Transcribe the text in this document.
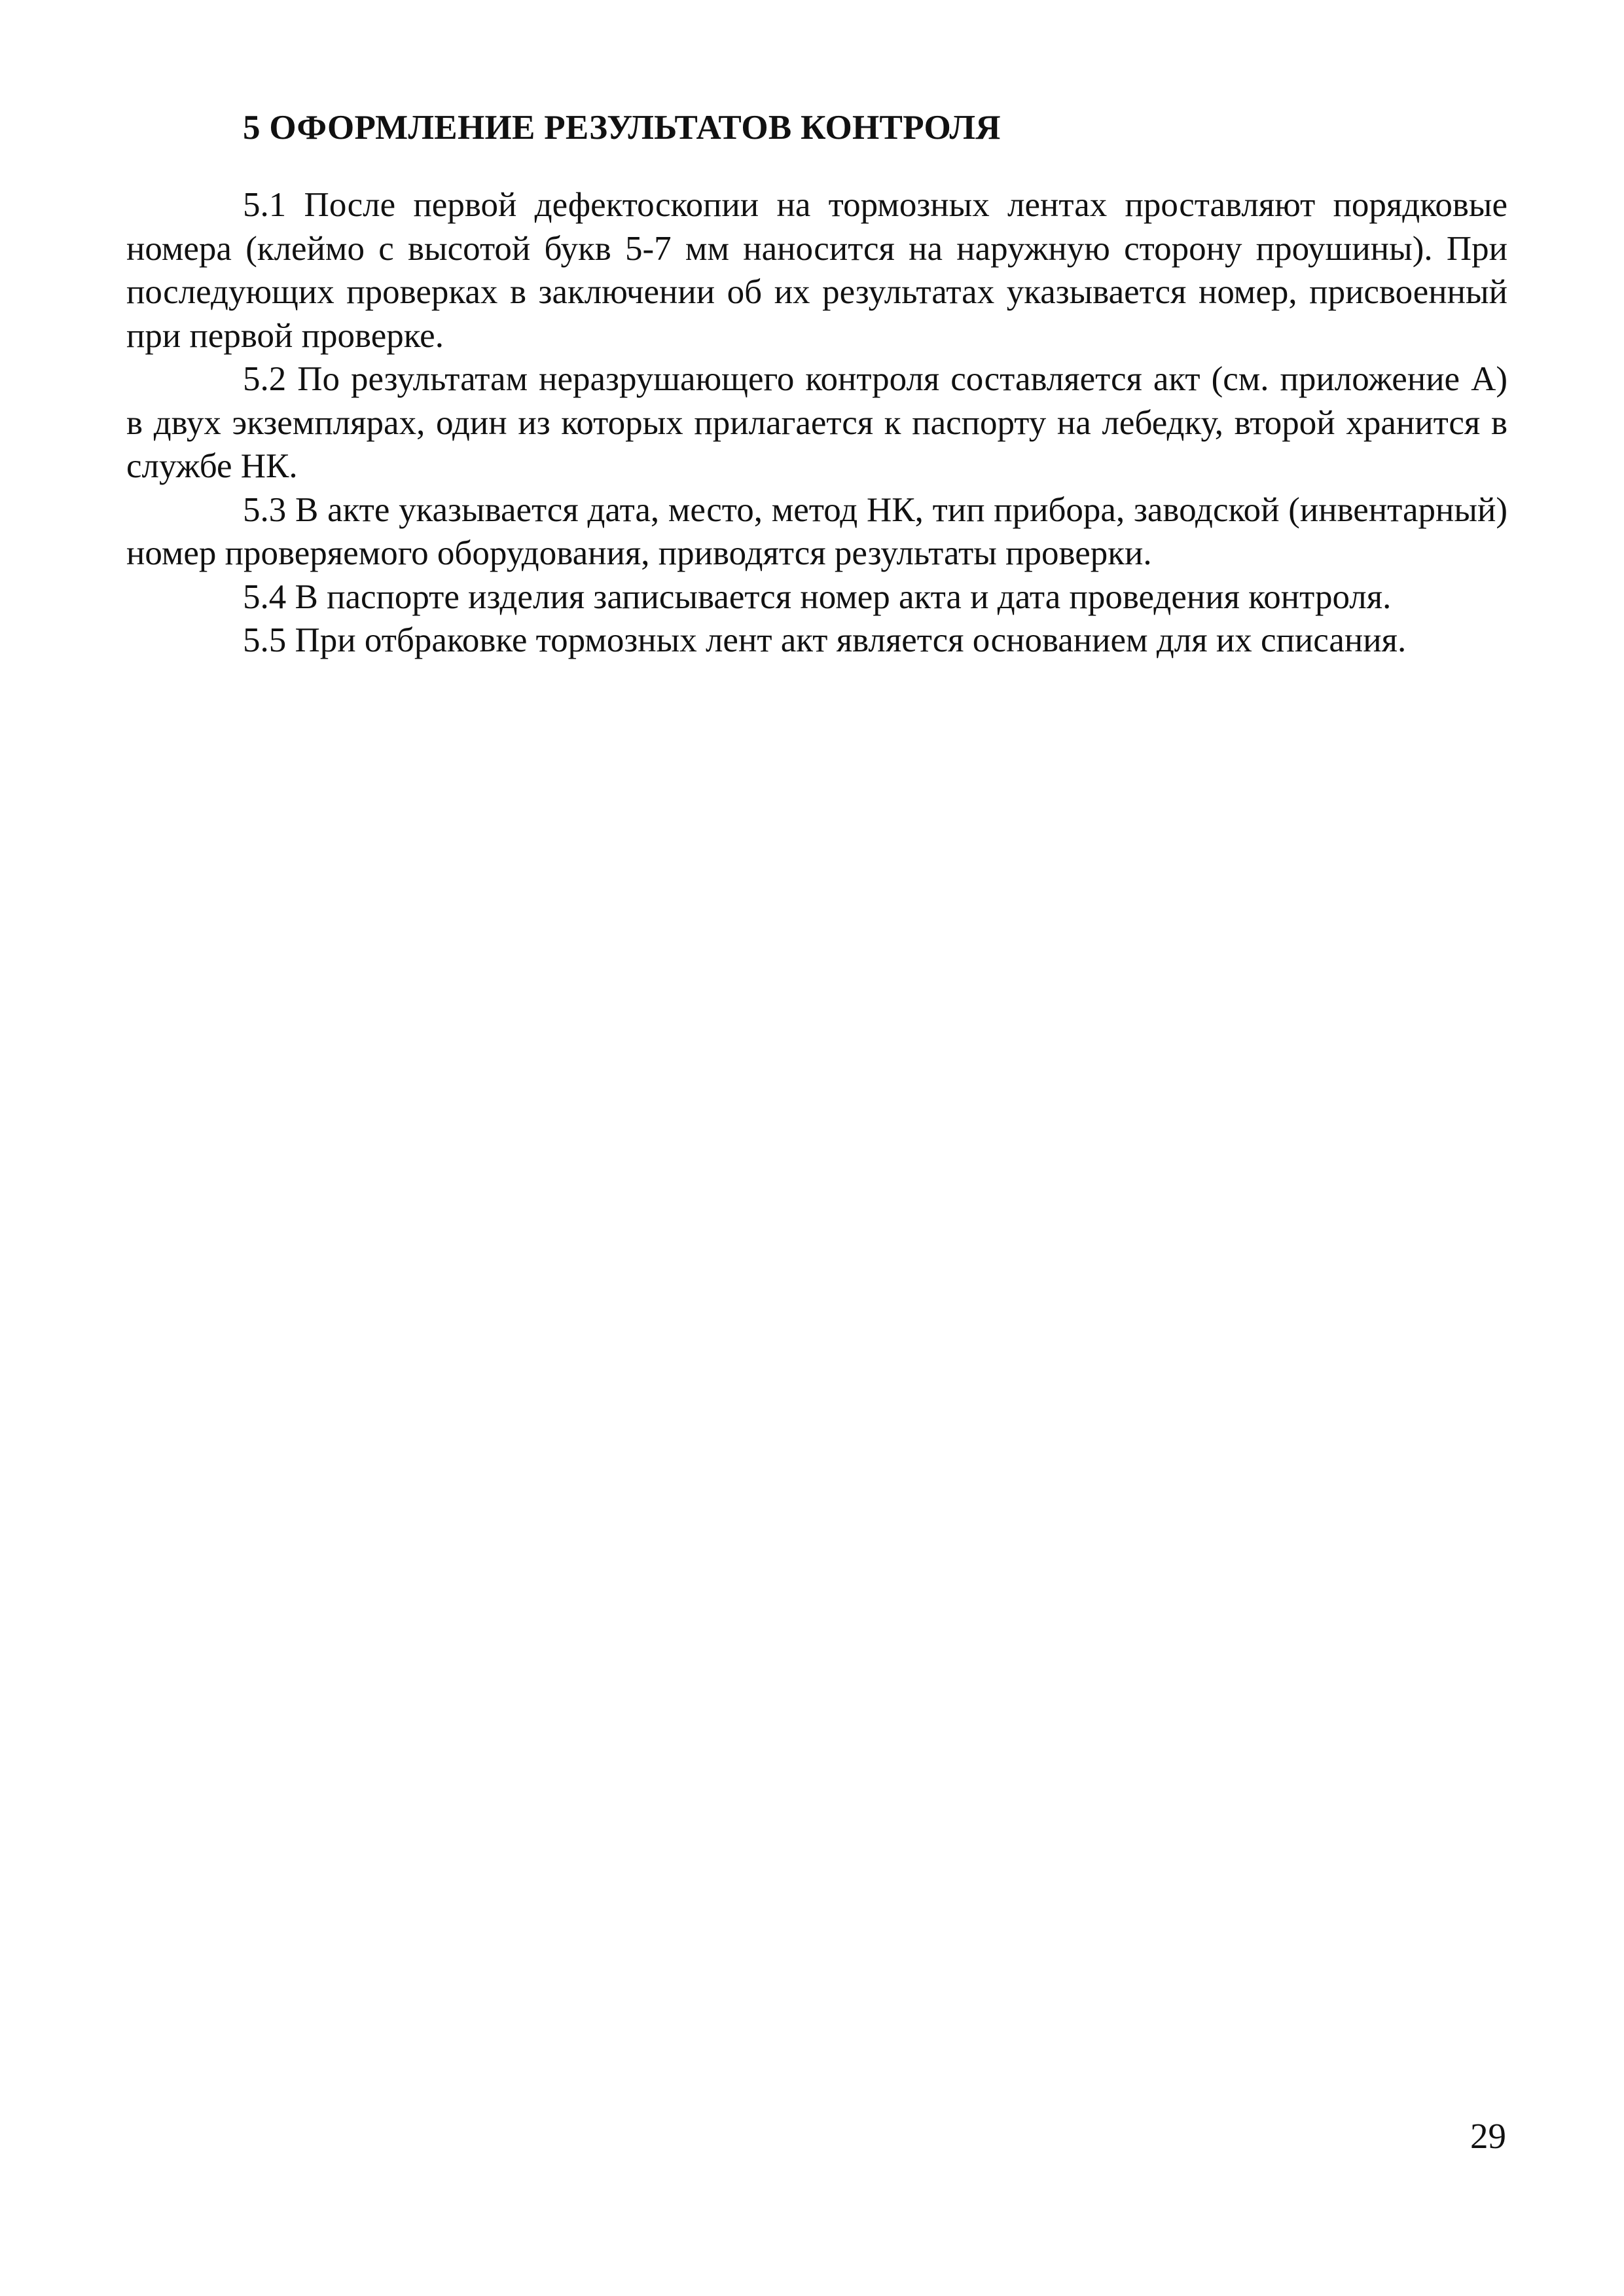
5 ОФОРМЛЕНИЕ РЕЗУЛЬТАТОВ КОНТРОЛЯ

5.1 После первой дефектоскопии на тормозных лентах проставляют порядковые номера (клеймо с высотой букв 5-7 мм наносится на наружную сторону проушины). При последующих проверках в заключении об их результатах указывается номер, присвоенный при первой проверке.

5.2 По результатам неразрушающего контроля составляется акт (см. приложение А) в двух экземплярах, один из которых прилагается к паспорту на лебедку, второй хранится в службе НК.

5.3 В акте указывается дата, место, метод НК, тип прибора, заводской (инвентарный) номер проверяемого оборудования, приводятся результаты проверки.

5.4 В паспорте изделия записывается номер акта и дата проведения контроля.

5.5 При отбраковке тормозных лент акт является основанием для их списания.

29
